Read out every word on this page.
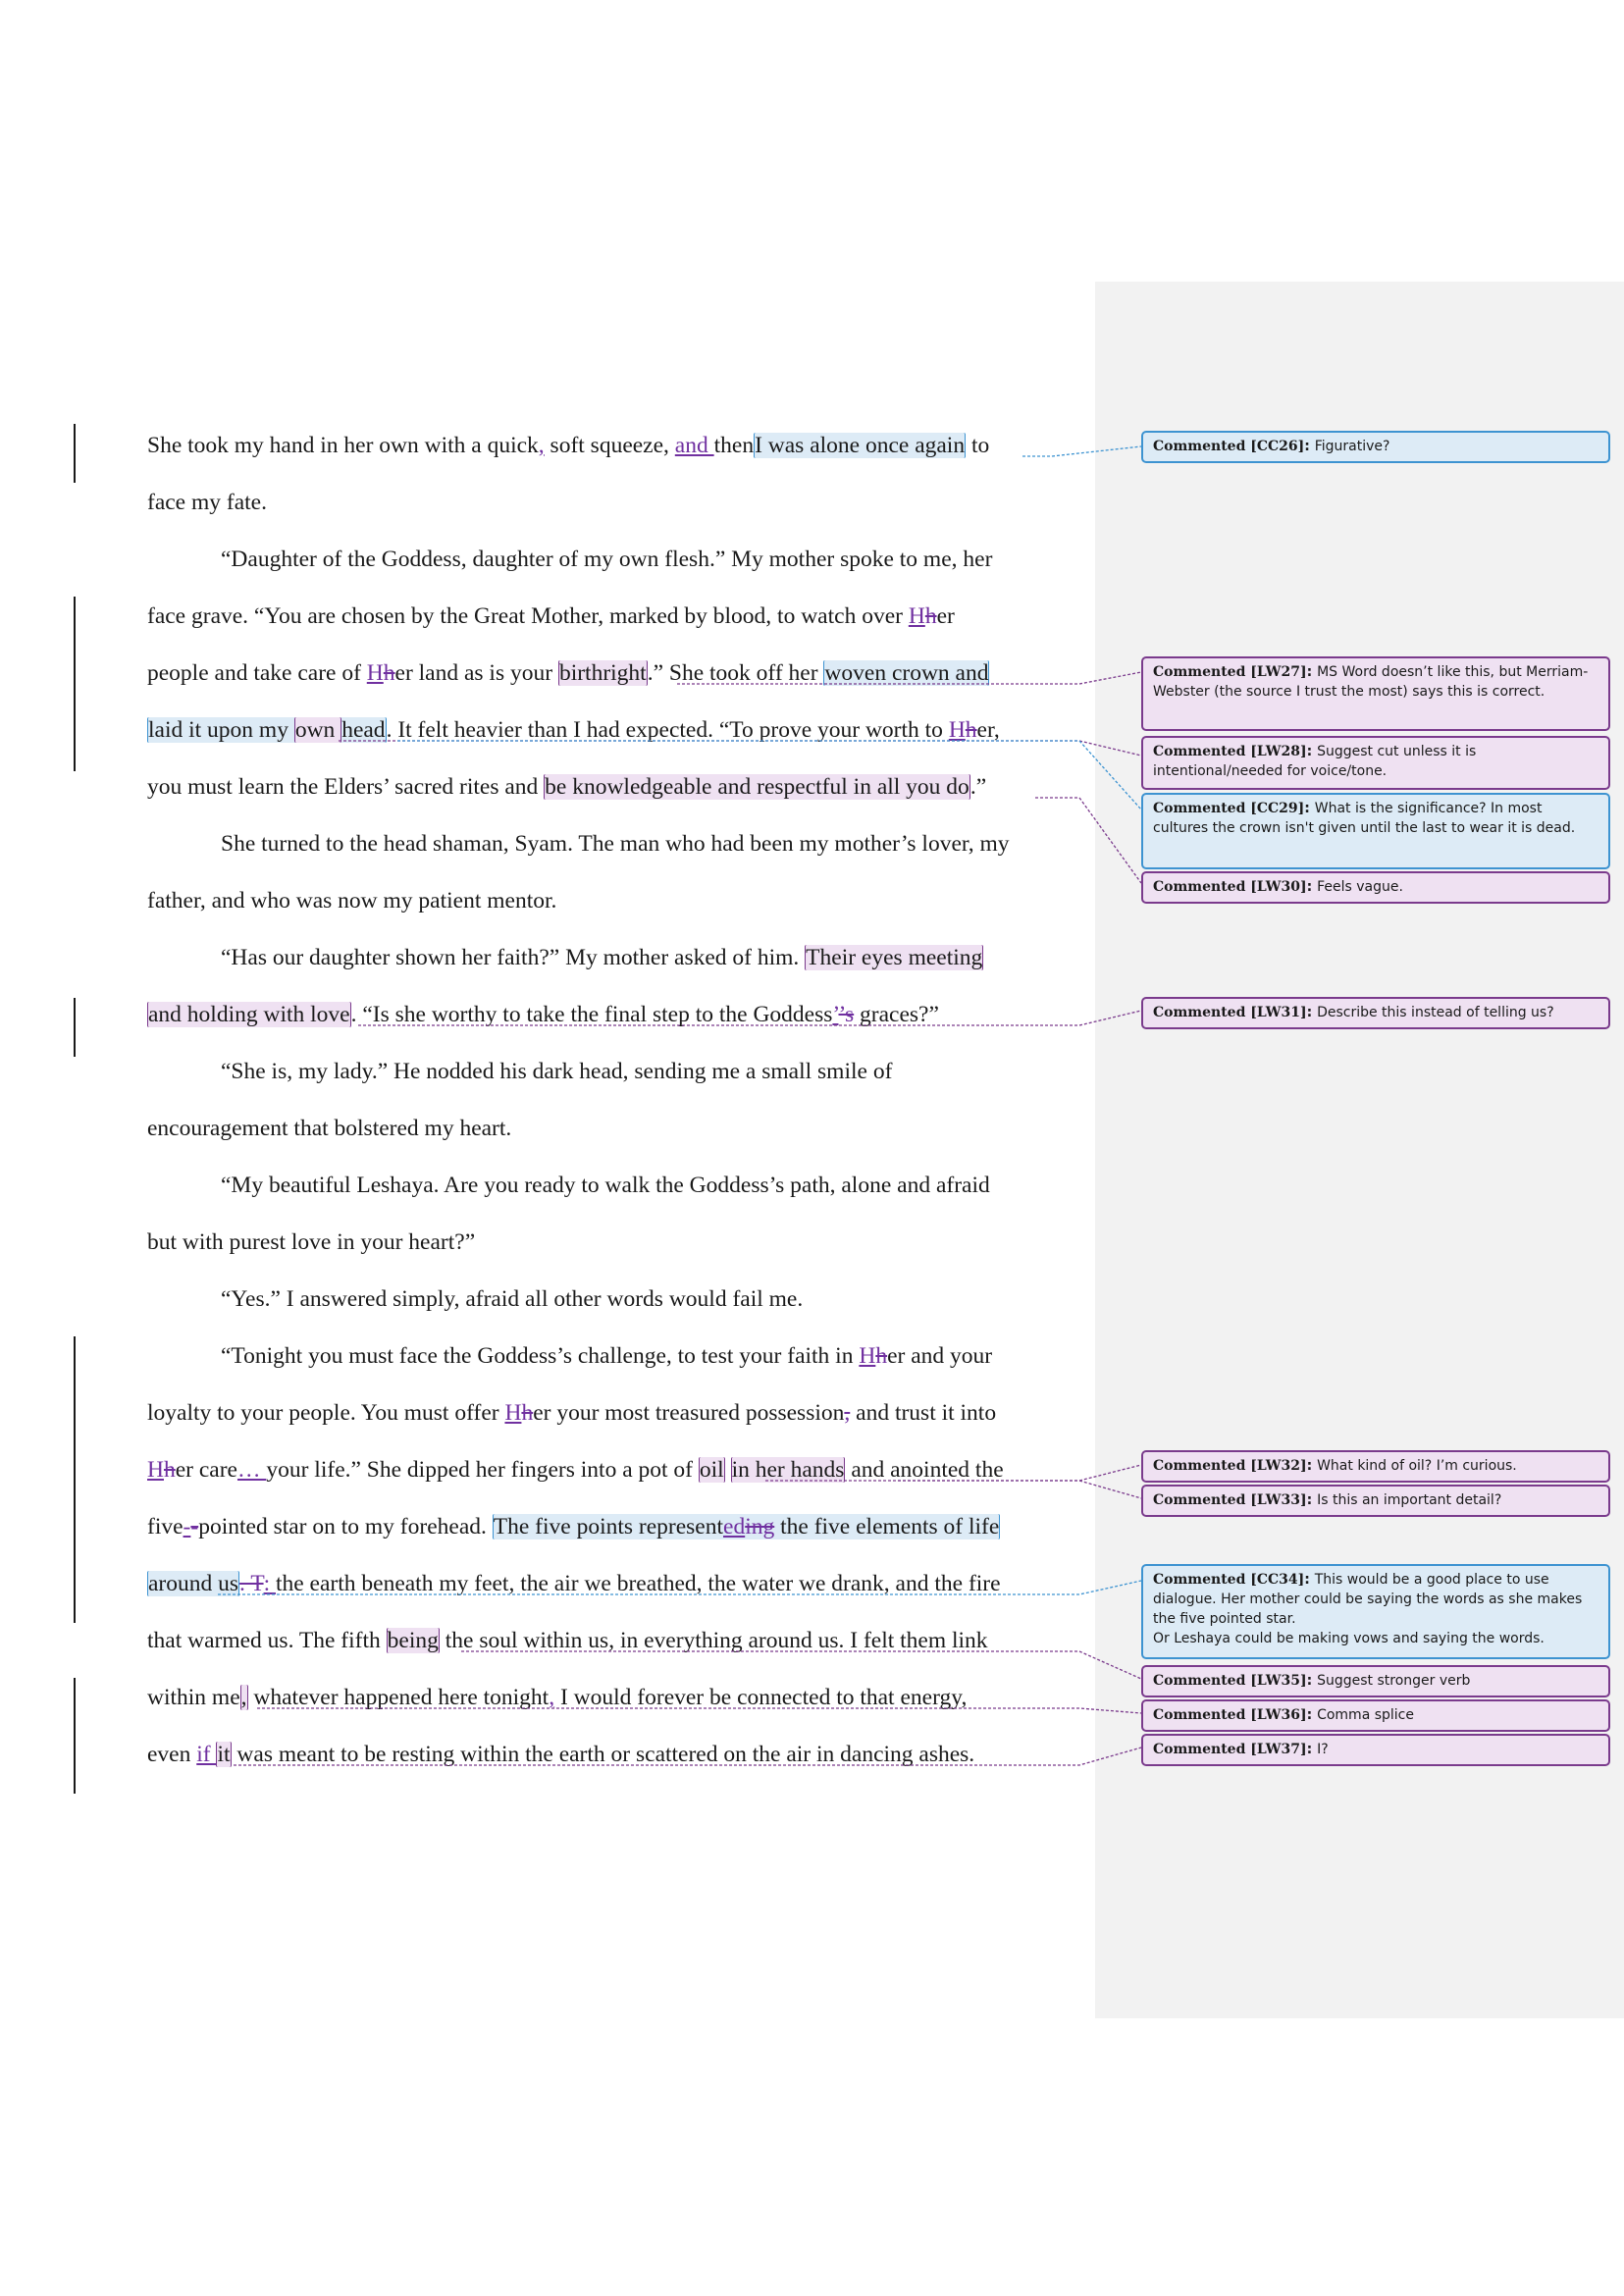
She took my hand in her own with a quick, soft squeeze, and thenI was alone once again to
face my fate.
“Daughter of the Goddess, daughter of my own flesh.” My mother spoke to me, her
face grave. “You are chosen by the Great Mother, marked by blood, to watch over Hher
people and take care of Hher land as is your birthright.” She took off her woven crown and
laid it upon my own head. It felt heavier than I had expected. “To prove your worth to Hher,
you must learn the Elders’ sacred rites and be knowledgeable and respectful in all you do.”
She turned to the head shaman, Syam. The man who had been my mother’s lover, my
father, and who was now my patient mentor.
“Has our daughter shown her faith?” My mother asked of him. Their eyes meeting
and holding with love. “Is she worthy to take the final step to the Goddess’’s graces?”
“She is, my lady.” He nodded his dark head, sending me a small smile of
encouragement that bolstered my heart.
“My beautiful Leshaya. Are you ready to walk the Goddess’s path, alone and afraid
but with purest love in your heart?”
“Yes.” I answered simply, afraid all other words would fail me.
“Tonight you must face the Goddess’s challenge, to test your faith in Hher and your
loyalty to your people. You must offer Hher your most treasured possession, and trust it into
Hher care… your life.” She dipped her fingers into a pot of oil in her hands and anointed the
five--pointed star on to my forehead. The five points representeding the five elements of life
around us. T: the earth beneath my feet, the air we breathed, the water we drank, and the fire
that warmed us. The fifth being the soul within us, in everything around us. I felt them link
within me, whatever happened here tonight, I would forever be connected to that energy,
even if it was meant to be resting within the earth or scattered on the air in dancing ashes.
Commented [CC26]: Figurative?
Commented [LW27]: MS Word doesn’t like this, but Merriam-Webster (the source I trust the most) says this is correct.
Commented [LW28]: Suggest cut unless it is intentional/needed for voice/tone.
Commented [CC29]: What is the significance? In most cultures the crown isn't given until the last to wear it is dead.
Commented [LW30]: Feels vague.
Commented [LW31]: Describe this instead of telling us?
Commented [LW32]: What kind of oil? I’m curious.
Commented [LW33]: Is this an important detail?
Commented [CC34]: This would be a good place to use dialogue. Her mother could be saying the words as she makes the five pointed star.
Or Leshaya could be making vows and saying the words.
Commented [LW35]: Suggest stronger verb
Commented [LW36]: Comma splice
Commented [LW37]: I?
